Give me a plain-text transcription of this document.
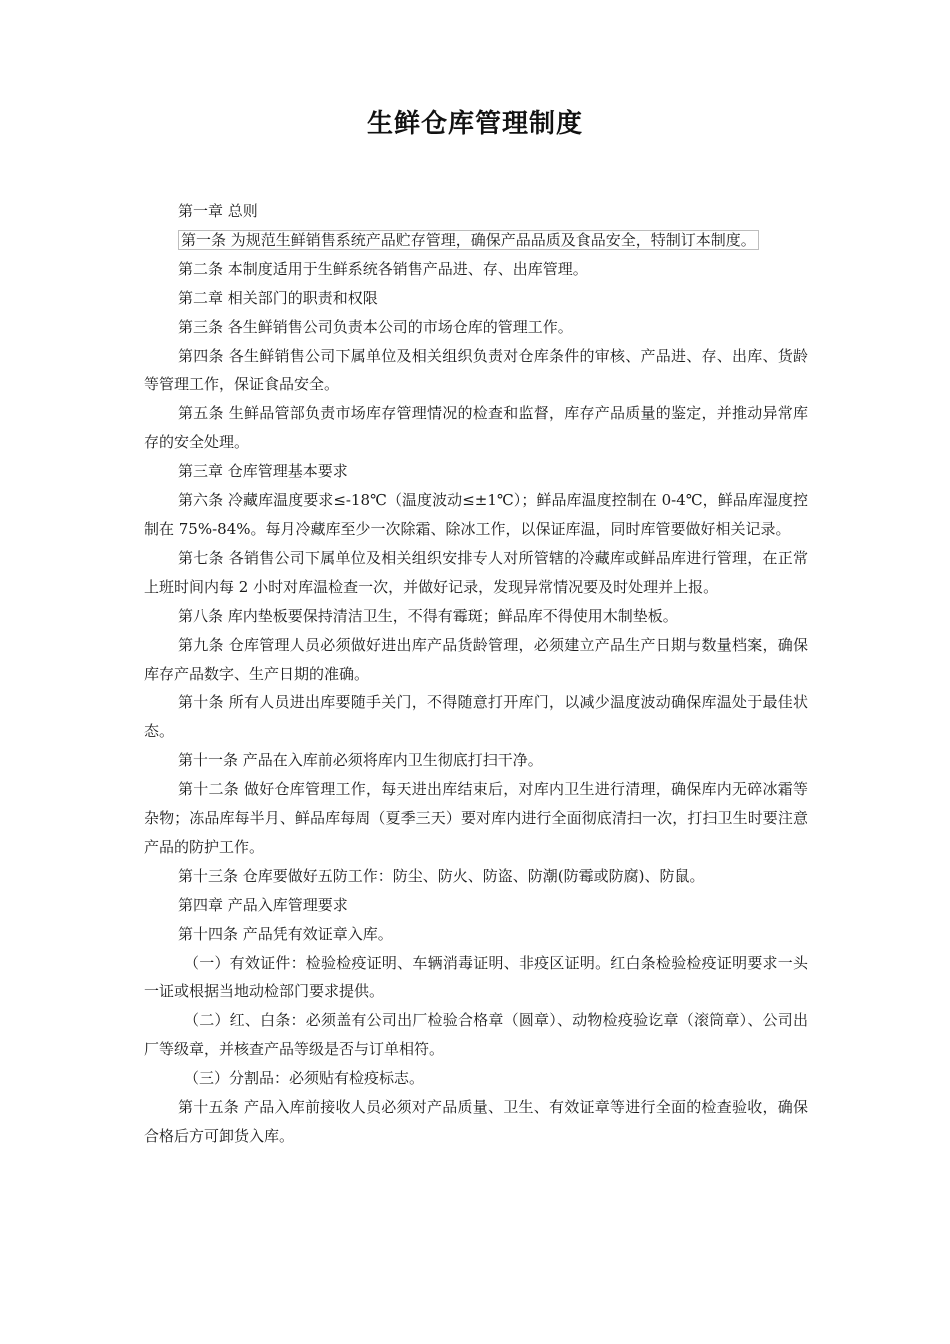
生鲜仓库管理制度

第一章 总则

第一条 为规范生鲜销售系统产品贮存管理，确保产品品质及食品安全，特制订本制度。

第二条 本制度适用于生鲜系统各销售产品进、存、出库管理。

第二章 相关部门的职责和权限

第三条 各生鲜销售公司负责本公司的市场仓库的管理工作。

第四条 各生鲜销售公司下属单位及相关组织负责对仓库条件的审核、产品进、存、出库、货龄等管理工作，保证食品安全。

第五条 生鲜品管部负责市场库存管理情况的检查和监督，库存产品质量的鉴定，并推动异常库存的安全处理。

第三章 仓库管理基本要求

第六条 冷藏库温度要求≤-18℃（温度波动≤±1℃）；鲜品库温度控制在 0-4℃，鲜品库湿度控制在 75%-84%。每月冷藏库至少一次除霜、除冰工作，以保证库温，同时库管要做好相关记录。

第七条 各销售公司下属单位及相关组织安排专人对所管辖的冷藏库或鲜品库进行管理，在正常上班时间内每 2 小时对库温检查一次，并做好记录，发现异常情况要及时处理并上报。

第八条 库内垫板要保持清洁卫生，不得有霉斑；鲜品库不得使用木制垫板。

第九条 仓库管理人员必须做好进出库产品货龄管理，必须建立产品生产日期与数量档案，确保库存产品数字、生产日期的准确。

第十条 所有人员进出库要随手关门，不得随意打开库门，以减少温度波动确保库温处于最佳状态。

第十一条 产品在入库前必须将库内卫生彻底打扫干净。

第十二条 做好仓库管理工作，每天进出库结束后，对库内卫生进行清理，确保库内无碎冰霜等杂物；冻品库每半月、鲜品库每周（夏季三天）要对库内进行全面彻底清扫一次，打扫卫生时要注意产品的防护工作。

第十三条 仓库要做好五防工作：防尘、防火、防盗、防潮(防霉或防腐)、防鼠。

第四章 产品入库管理要求

第十四条 产品凭有效证章入库。

（一）有效证件：检验检疫证明、车辆消毒证明、非疫区证明。红白条检验检疫证明要求一头一证或根据当地动检部门要求提供。

（二）红、白条：必须盖有公司出厂检验合格章（圆章）、动物检疫验讫章（滚筒章）、公司出厂等级章，并核查产品等级是否与订单相符。

（三）分割品：必须贴有检疫标志。

第十五条 产品入库前接收人员必须对产品质量、卫生、有效证章等进行全面的检查验收，确保合格后方可卸货入库。
